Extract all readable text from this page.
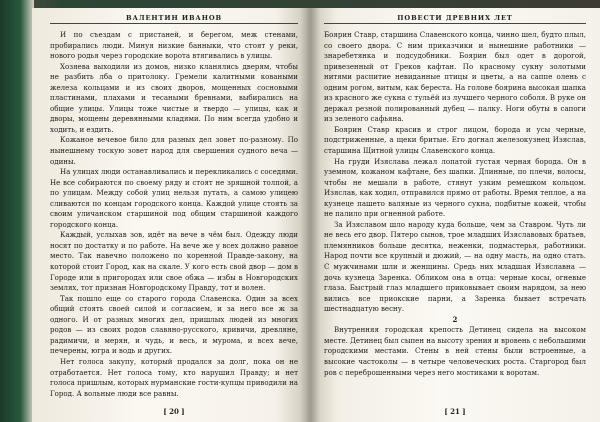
ВАЛЕНТИН ИВАНОВ

И по съездам с пристаней, и берегом, меж стенами, пробирались люди. Минуя низкие банныки, что стоят у реки, нового родья через городские ворота втягивались в улицы.

Хозяева выходили из домов, низко кланялись дверям, чтобы не разбить лба о притолоку. Гремели калитными коваными железа кольцами и из своих дворов, мощенных сосновыми пластинами, плахами и тесаными бревнами, выбирались на общие улицы. Улицы тоже чистые и твердо — улицы, как и дворы, мощены деревянными кладями. По ним всегда удобно и ходить, и ездить.

Кожаное вечевое било для разных дел зовет по-разному. По нынешнему тоскую зовет народ для свершения судного веча — одины.

На улицах люди останавливались и перекликались с соседями. Не все собираются по своему ряду и стоят не зряшной толпой, а по улицам. Между собой улиц нельзя путать, а самою улицею сливаются по концам городского конца. Каждой улице стоять за своим уличанском старшиной под общим старшиной каждого городского конца.

Каждый, услыхав зов, идёт на вече в чём был. Одежду люди носят по достатку и по работе. На вече же у всех должно равное место. Так навечно положено по коренной Правде-закону, на которой стоит Город, как на скале. У кого есть свой двор — дом в Городе или в пригородах или свое обжа — избы в Новгородских землях, тот признан Новгородскому Правду, тот и волен.

Так пошло еще со старого города Славенска. Один за всех общий стоять своей силой и согласием, и за него все ж за одного. И от разных многих дел, пришлых людей из многих родов — из своих родов славяно-русского, кривичи, древляне, радимичи, и мерян, и чудь, и весь, и мурома, и всех вече, печерены, югра и водь и других.

Нет голоса закупу, который продался за долг, пока он не отработается. Нет голоса тому, кто нарушил Правду; и нет голоса пришлым, которых нурманские гости-купцы приводили на Город. А вольные люди все равны.

[ 20 ]
ПОВЕСТИ ДРЕВНИХ ЛЕТ

Боярин Ставр, старшина Славенского конца, чинно шел, будто плыл, со своего двора. С ним приказчики и нынешние работники — знаребетянка и подсудобники. Боярин был одет в дорогой, привезенный от Греков кафтан. По красному сукну золотыми нитями распитие невиданные птицы и цветы, а на саппе олень с одним рогом, витым, как береста. На голове боярина высокая шапка из красного же сукна с тульёй из лучшего черного соболя. В руке он держал резной полированный дубец — палку. Ноги обуты в сапоги из зеленого сафьяна.

Боярин Ставр красив и строг лицом, борода и усы черные, подстриженные, а щеки бритые. Его догнал железокузнец Изяслав, старшина Щитной улицы Славенского конца.

На груди Изяслава лежал лопатой густая черная борода. Он в уземном, кожаном кафтане, без шапки. Длинные, по плечи, волосы, чтобы не мешали в работе, стянут узким ремешком кольцом. Изяслав, как ходил, отправился прямо от работы. Время теплое, а на кузнеце пашето валяные из черного сукна, подбитые кожей, чтобы не палило при огненной работе.

За Изяславом шло народу куда больше, чем за Ставром. Чуть ли не весь его двор. Пятеро сынов, трое младших Изяславовых братьев, племянников больше десятка, неженки, подмастерья, работники. Народ почти все крупный и дюжий, — на одну масть, на одно стать. С мужчинами шли и женщины. Средь них младшая Изяславна — дочь кузнеца Заренка. Обликом она в отца: черные косы, огневые глаза. Быстрый глаз младшего приковывает своим нарядом, за нею вились все приокские парни, а Заренка бывает встречать шестнадцатую весну.

2

Внутренняя городская крепость Детинец сидела на высоком месте. Детинец был сыпен на высоту зрения и вровень с небольшими городскими местами. Стены в ней стены были встроенные, а высокие частоколы — в четыре человеческих роста. Старгород был ров с переброшенными через него мостиками к воротам.

[ 21 ]
